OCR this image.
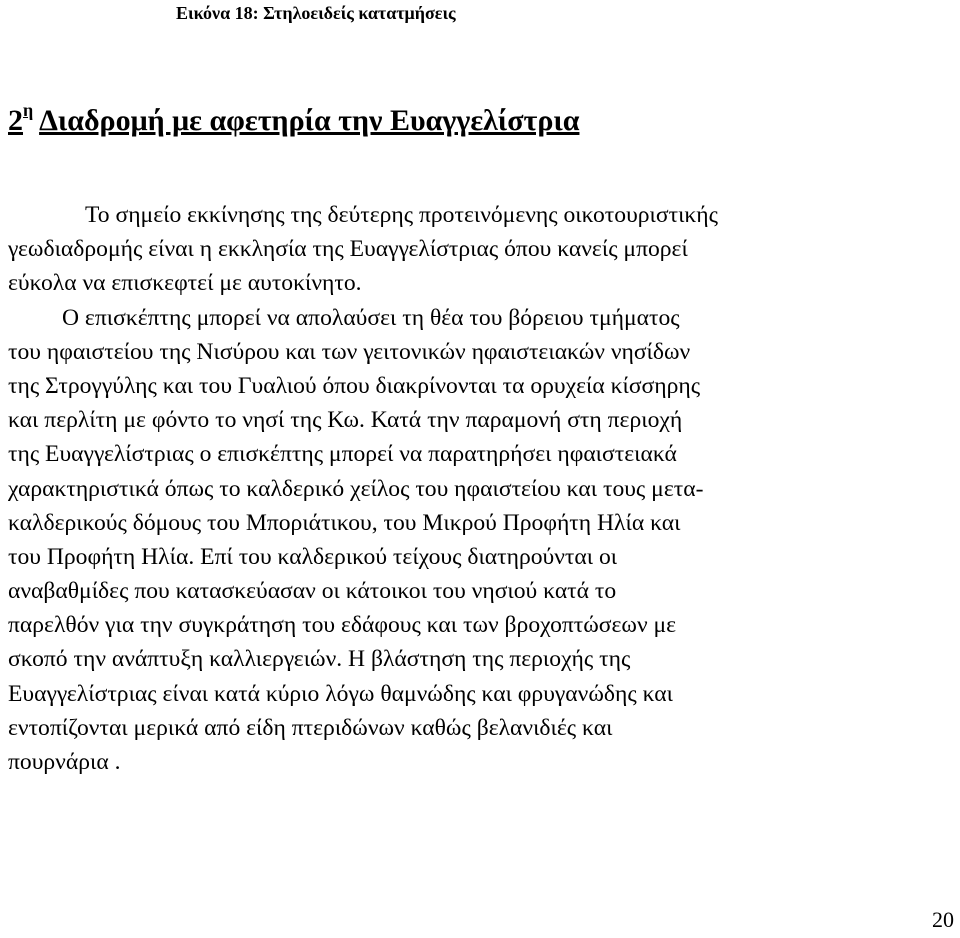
Εικόνα 18: Στηλοειδείς κατατμήσεις
$2^\eta$ Διαδρομή με αφετηρία την Ευαγγελίστρια
Το σημείο εκκίνησης της δεύτερης προτεινόμενης οικοτουριστικής
γεωδιαδρομής είναι η εκκλησία της Ευαγγελίστριας όπου κανείς μπορεί
εύκολα να επισκεφτεί με αυτοκίνητο.
Ο επισκέπτης μπορεί να απολαύσει τη θέα του βόρειου τμήματος
του ηφαιστείου της Νισύρου και των γειτονικών ηφαιστειακών νησίδων
της Στρογγύλης και του Γυαλιού όπου διακρίνονται τα ορυχεία κίσσηρης
και περλίτη με φόντο το νησί της Κω. Κατά την παραμονή στη περιοχή
της Ευαγγελίστριας ο επισκέπτης μπορεί να παρατηρήσει ηφαιστειακά
χαρακτηριστικά όπως το καλδερικό χείλος του ηφαιστείου και τους μετα-
καλδερικούς δόμους του Μποριάτικου, του Μικρού Προφήτη Ηλία και
του Προφήτη Ηλία. Επί του καλδερικού τείχους διατηρούνται οι
αναβαθμίδες που κατασκεύασαν οι κάτοικοι του νησιού κατά το
παρελθόν για την συγκράτηση του εδάφους και των βροχοπτώσεων με
σκοπό την ανάπτυξη καλλιεργειών. Η βλάστηση της περιοχής της
Ευαγγελίστριας είναι κατά κύριο λόγω θαμνώδης και φρυγανώδης και
εντοπίζονται μερικά από είδη πτεριδώνων καθώς βελανιδιές και
πουρνάρια .
20
